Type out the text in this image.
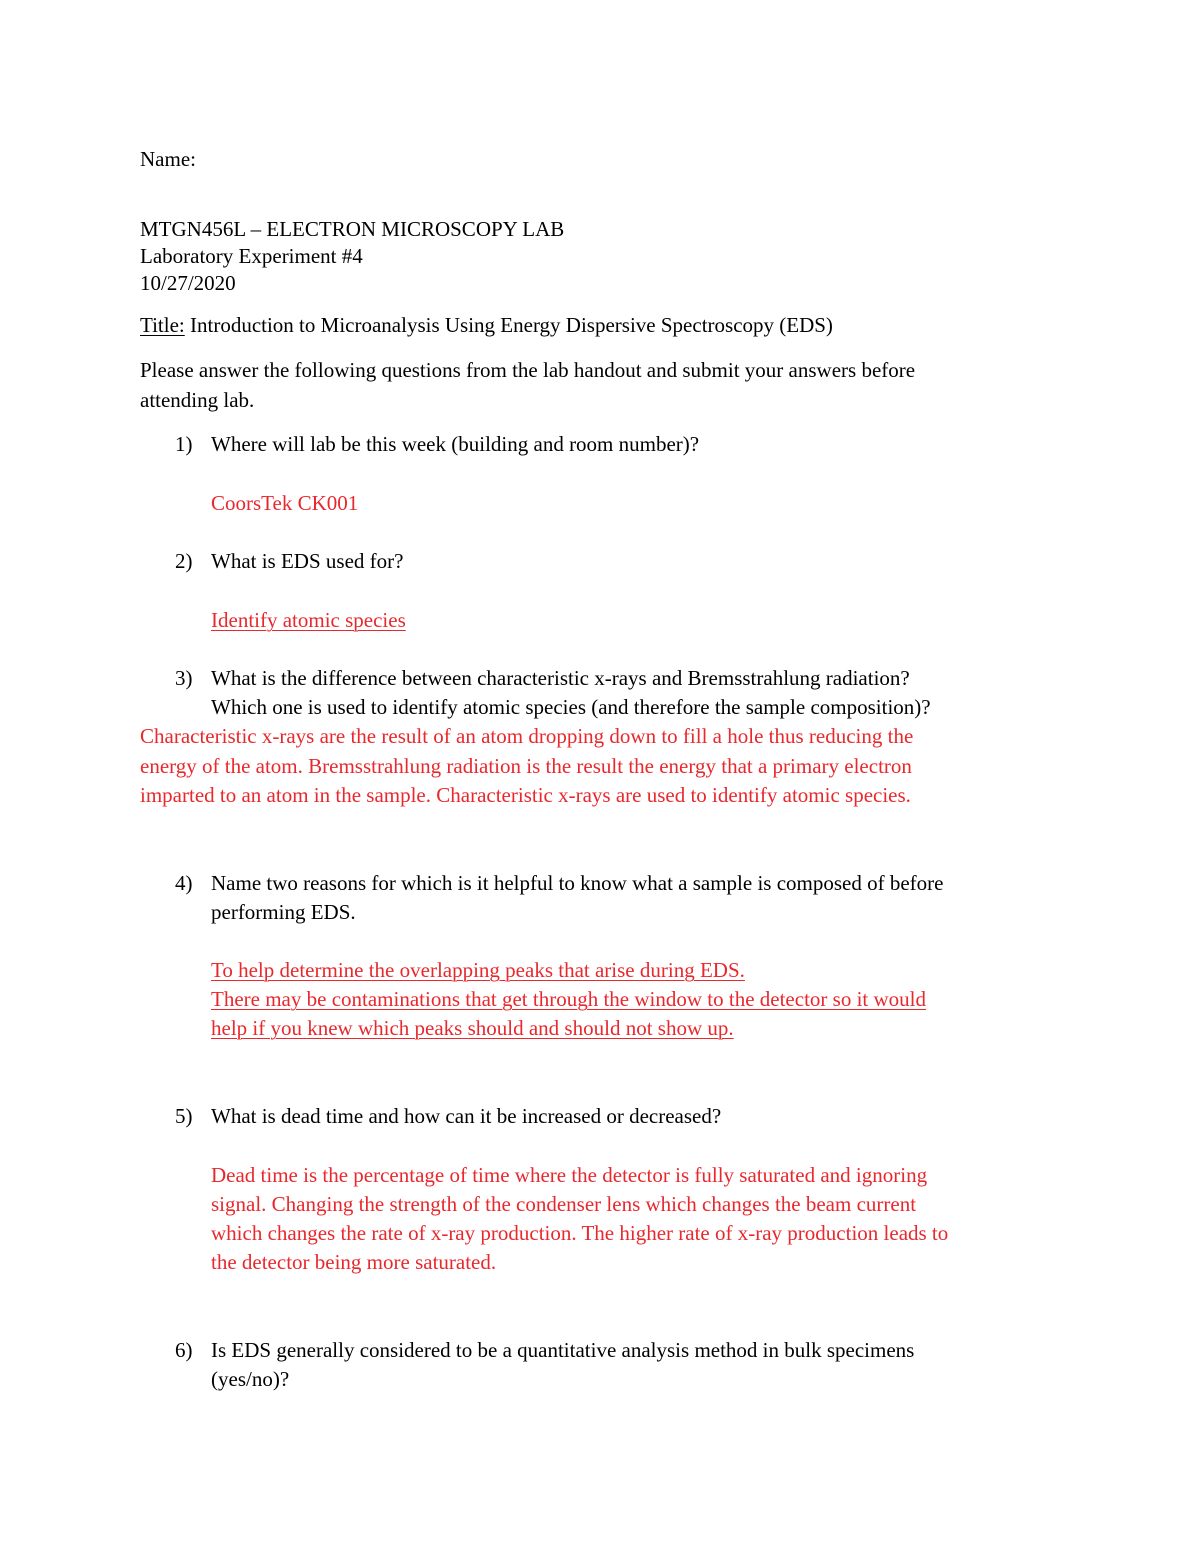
Name:
MTGN456L – ELECTRON MICROSCOPY LAB
Laboratory Experiment #4
10/27/2020
Title: Introduction to Microanalysis Using Energy Dispersive Spectroscopy (EDS)
Please answer the following questions from the lab handout and submit your answers before
attending lab.
1) Where will lab be this week (building and room number)?
CoorsTek CK001
2) What is EDS used for?
Identify atomic species
3) What is the difference between characteristic x-rays and Bremsstrahlung radiation?
Which one is used to identify atomic species (and therefore the sample composition)?
Characteristic x-rays are the result of an atom dropping down to fill a hole thus reducing the
energy of the atom. Bremsstrahlung radiation is the result the energy that a primary electron
imparted to an atom in the sample. Characteristic x-rays are used to identify atomic species.
4) Name two reasons for which is it helpful to know what a sample is composed of before
performing EDS.
To help determine the overlapping peaks that arise during EDS.
There may be contaminations that get through the window to the detector so it would
help if you knew which peaks should and should not show up.
5) What is dead time and how can it be increased or decreased?
Dead time is the percentage of time where the detector is fully saturated and ignoring
signal. Changing the strength of the condenser lens which changes the beam current
which changes the rate of x-ray production. The higher rate of x-ray production leads to
the detector being more saturated.
6) Is EDS generally considered to be a quantitative analysis method in bulk specimens
(yes/no)?
